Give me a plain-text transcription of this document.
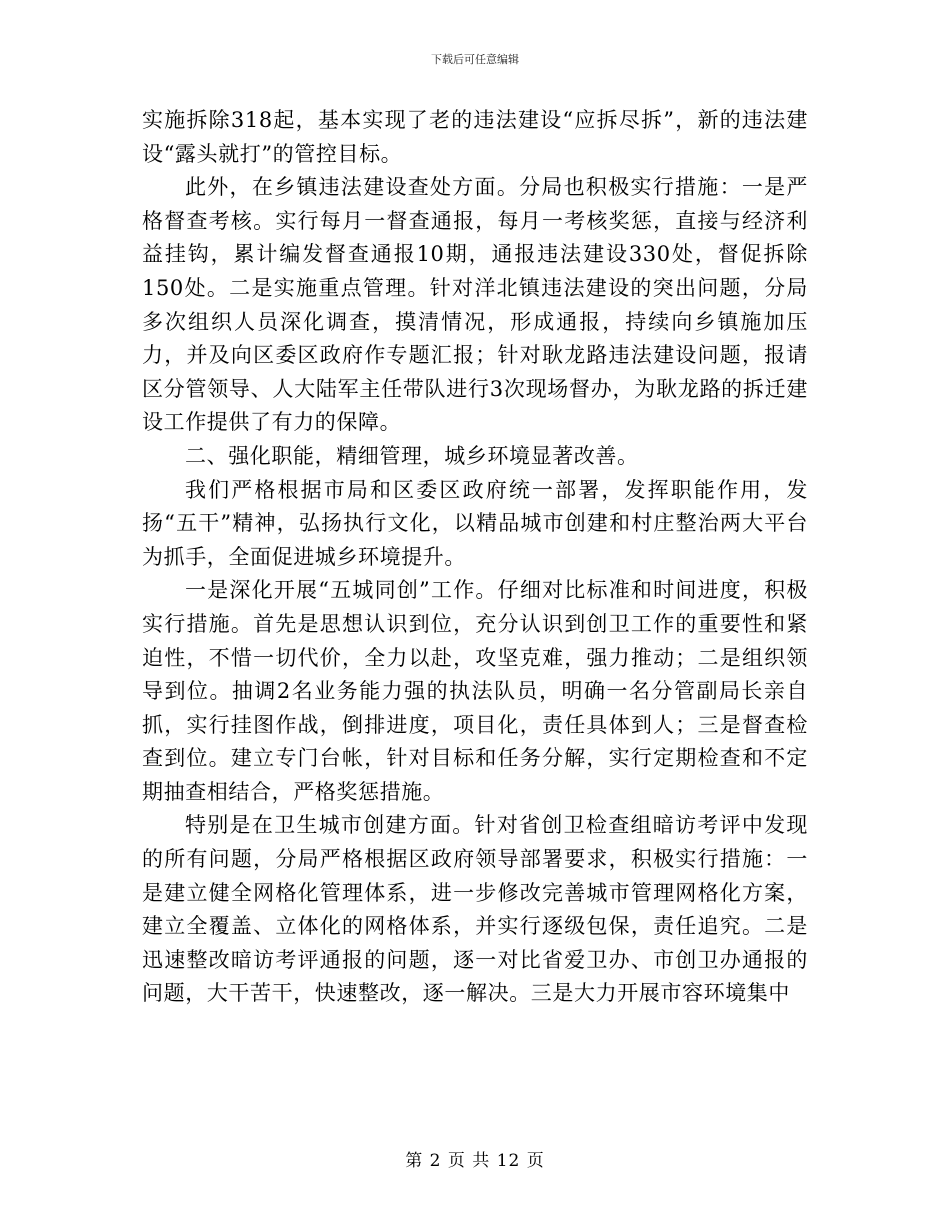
下载后可任意编辑

实施拆除318起，基本实现了老的违法建设“应拆尽拆”，新的违法建设“露头就打”的管控目标。

此外，在乡镇违法建设查处方面。分局也积极实行措施：一是严格督查考核。实行每月一督查通报，每月一考核奖惩，直接与经济利益挂钩，累计编发督查通报10期，通报违法建设330处，督促拆除150处。二是实施重点管理。针对洋北镇违法建设的突出问题，分局多次组织人员深化调查，摸清情况，形成通报，持续向乡镇施加压力，并及向区委区政府作专题汇报；针对耿龙路违法建设问题，报请区分管领导、人大陆军主任带队进行3次现场督办，为耿龙路的拆迁建设工作提供了有力的保障。

二、强化职能，精细管理，城乡环境显著改善。

我们严格根据市局和区委区政府统一部署，发挥职能作用，发扬“五干”精神，弘扬执行文化，以精品城市创建和村庄整治两大平台为抓手，全面促进城乡环境提升。

一是深化开展“五城同创”工作。仔细对比标准和时间进度，积极实行措施。首先是思想认识到位，充分认识到创卫工作的重要性和紧迫性，不惜一切代价，全力以赴，攻坚克难，强力推动；二是组织领导到位。抽调2名业务能力强的执法队员，明确一名分管副局长亲自抓，实行挂图作战，倒排进度，项目化，责任具体到人；三是督查检查到位。建立专门台帐，针对目标和任务分解，实行定期检查和不定期抽查相结合，严格奖惩措施。

特别是在卫生城市创建方面。针对省创卫检查组暗访考评中发现的所有问题，分局严格根据区政府领导部署要求，积极实行措施：一是建立健全网格化管理体系，进一步修改完善城市管理网格化方案，建立全覆盖、立体化的网格体系，并实行逐级包保，责任追究。二是迅速整改暗访考评通报的问题，逐一对比省爱卫办、市创卫办通报的问题，大干苦干，快速整改，逐一解决。三是大力开展市容环境集中

第 2 页 共 12 页
